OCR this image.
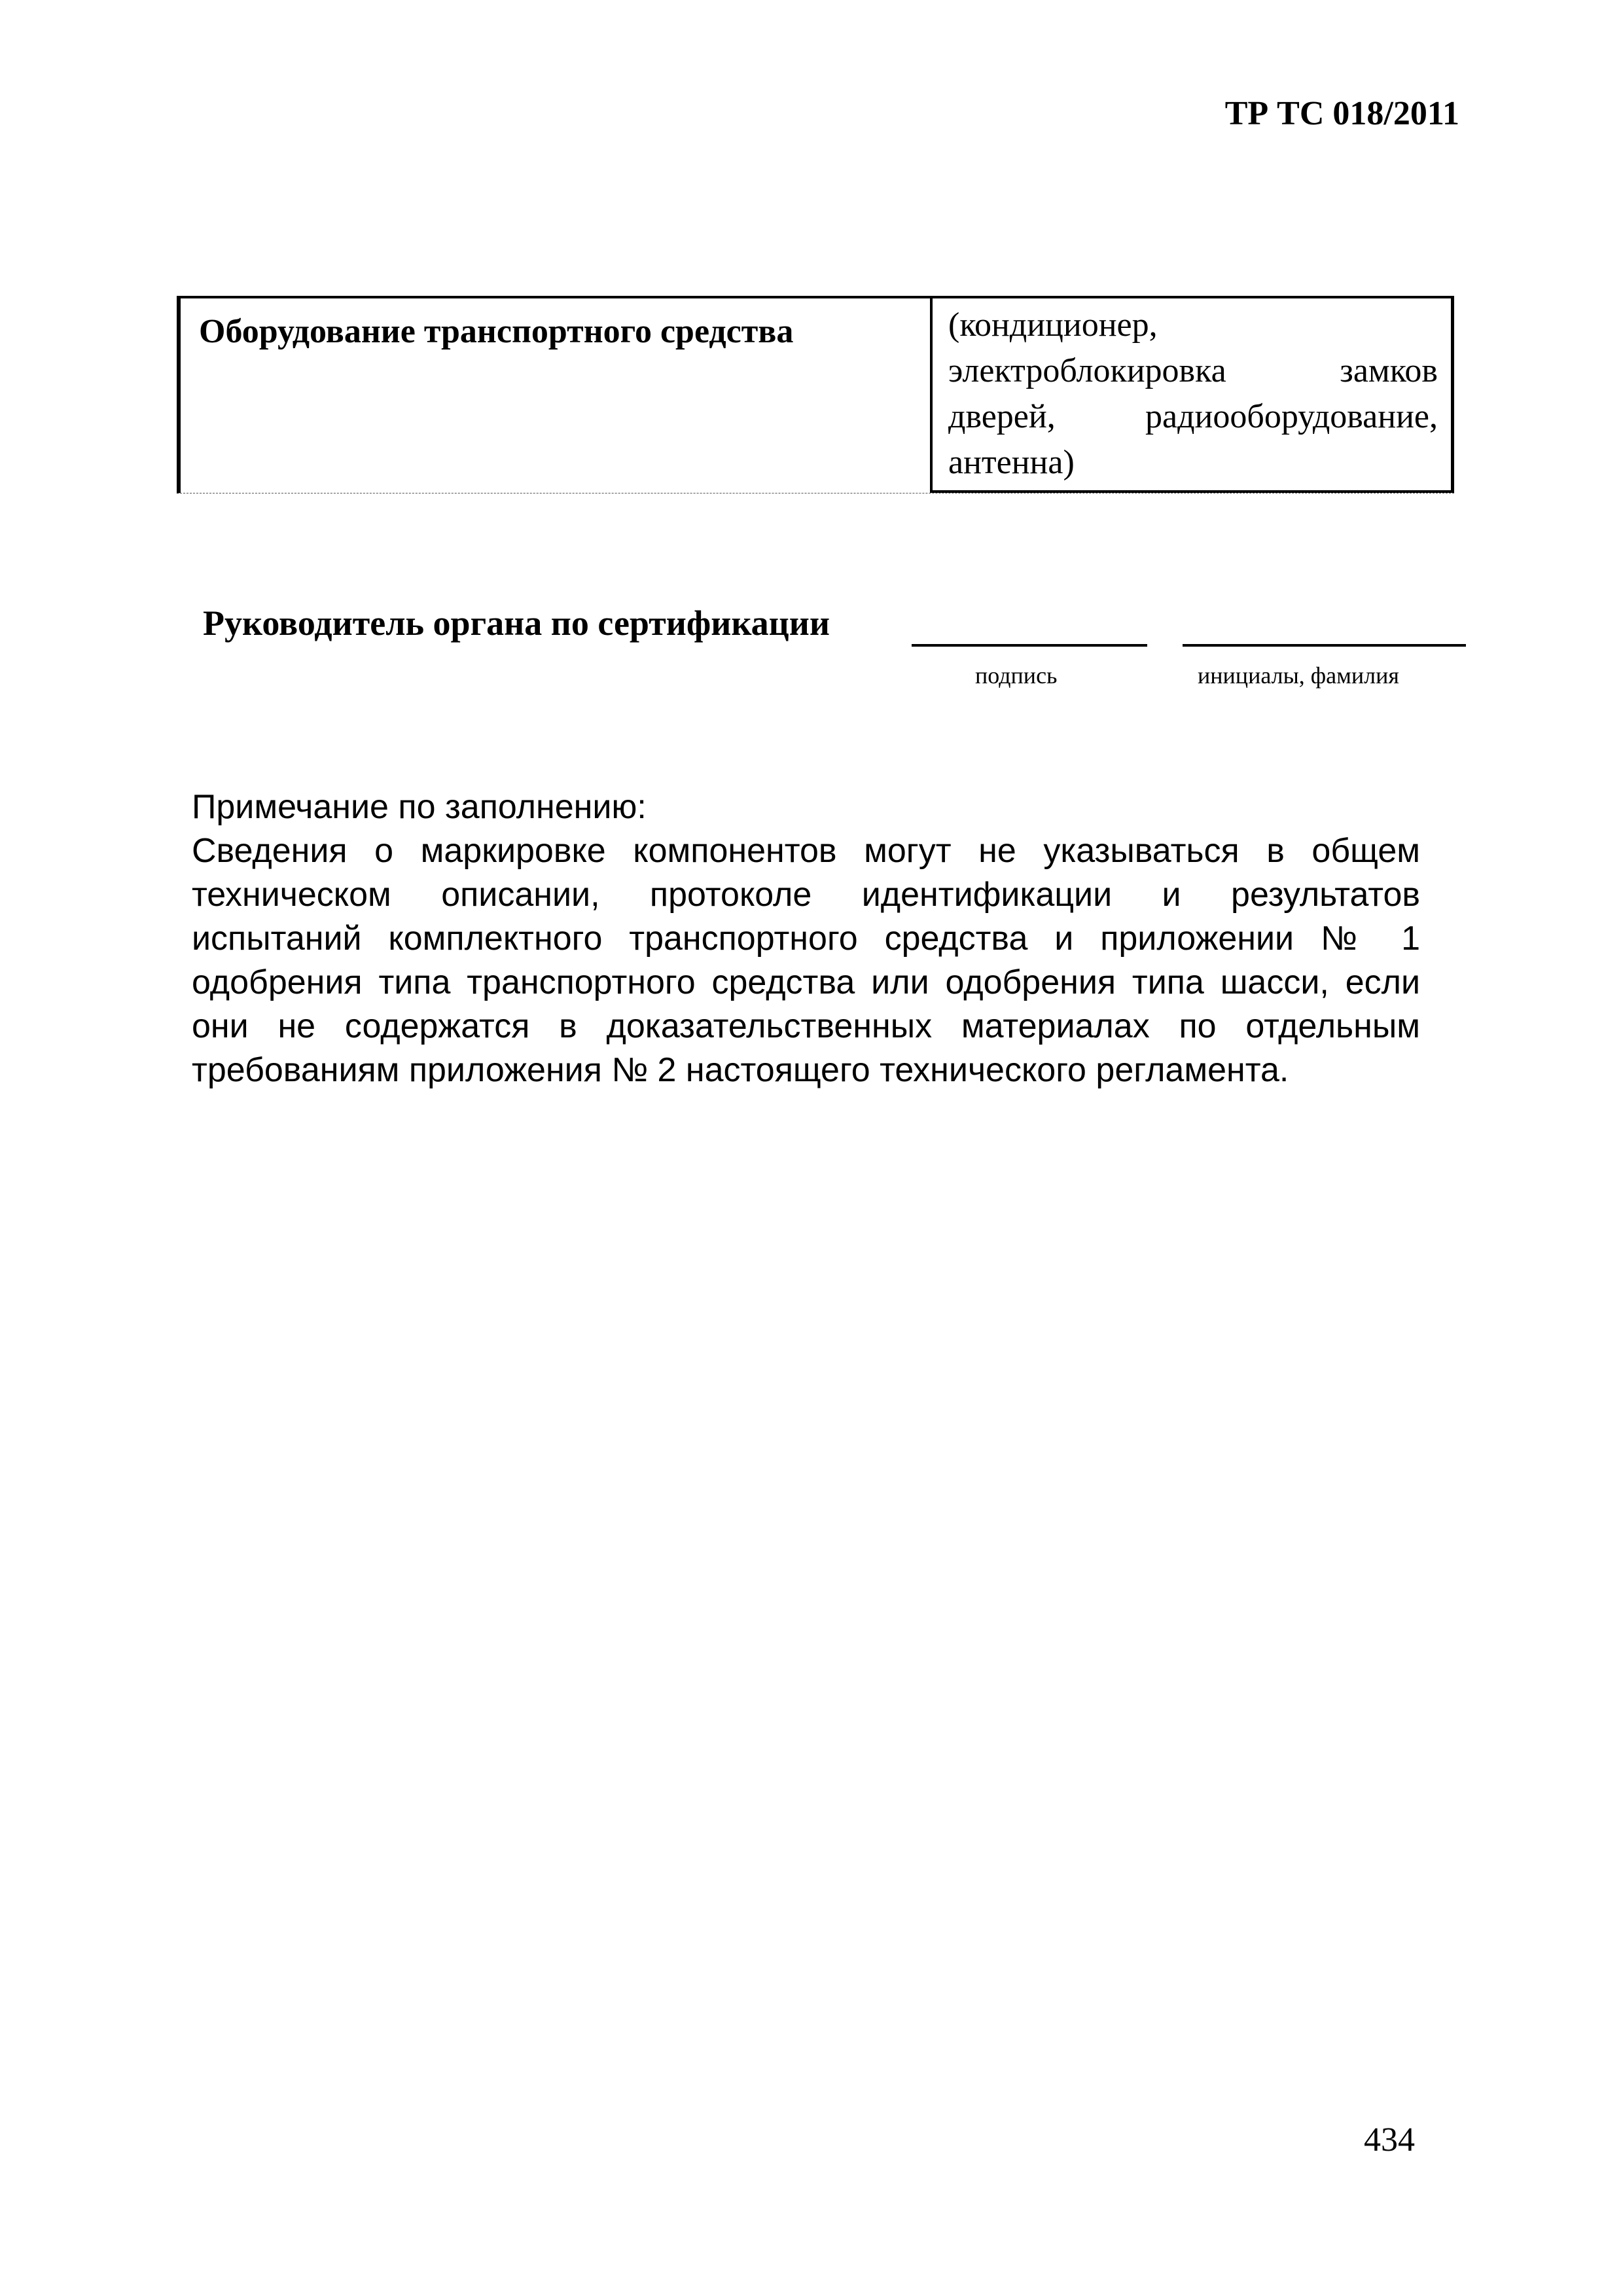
ТР ТС 018/2011
Оборудование транспортного средства	(кондиционер,
электроблокировка замков
дверей, радиооборудование,
антенна)
Руководитель органа по сертификации
подпись	инициалы, фамилия
Примечание по заполнению:
Сведения о маркировке компонентов могут не указываться в общем
техническом описании, протоколе идентификации и результатов
испытаний комплектного транспортного средства и приложении № 1
одобрения типа транспортного средства или одобрения типа шасси, если
они не содержатся в доказательственных материалах по отдельным
требованиям приложения № 2 настоящего технического регламента.
434
